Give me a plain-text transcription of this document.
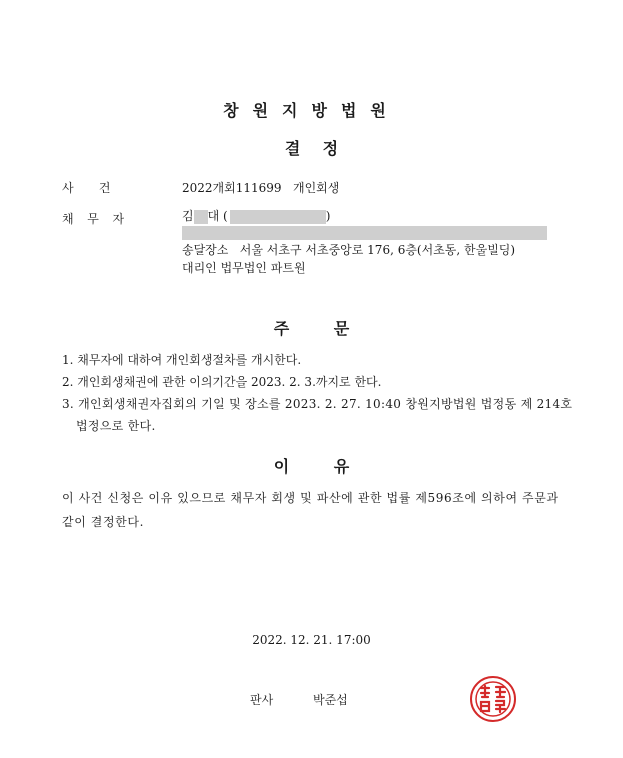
창원지방법원
결    정
사    건	2022개회111699   개인회생
채  무  자	김 대 (	)
송달장소   서울 서초구 서초중앙로 176, 6층(서초동, 한울빌딩)
대리인 법무법인 파트원
주        문
1. 채무자에 대하여 개인회생절차를 개시한다.
2. 개인회생채권에 관한 이의기간을 2023. 2. 3.까지로 한다.
3. 개인회생채권자집회의 기일 및 장소를 2023. 2. 27. 10:40 창원지방법원 법정동 제 214호 법정으로 한다.
이        유
이 사건 신청은 이유 있으므로 채무자 회생 및 파산에 관한 법률 제596조에 의하여 주문과 같이 결정한다.
2022. 12. 21. 17:00
판사	박준섭
